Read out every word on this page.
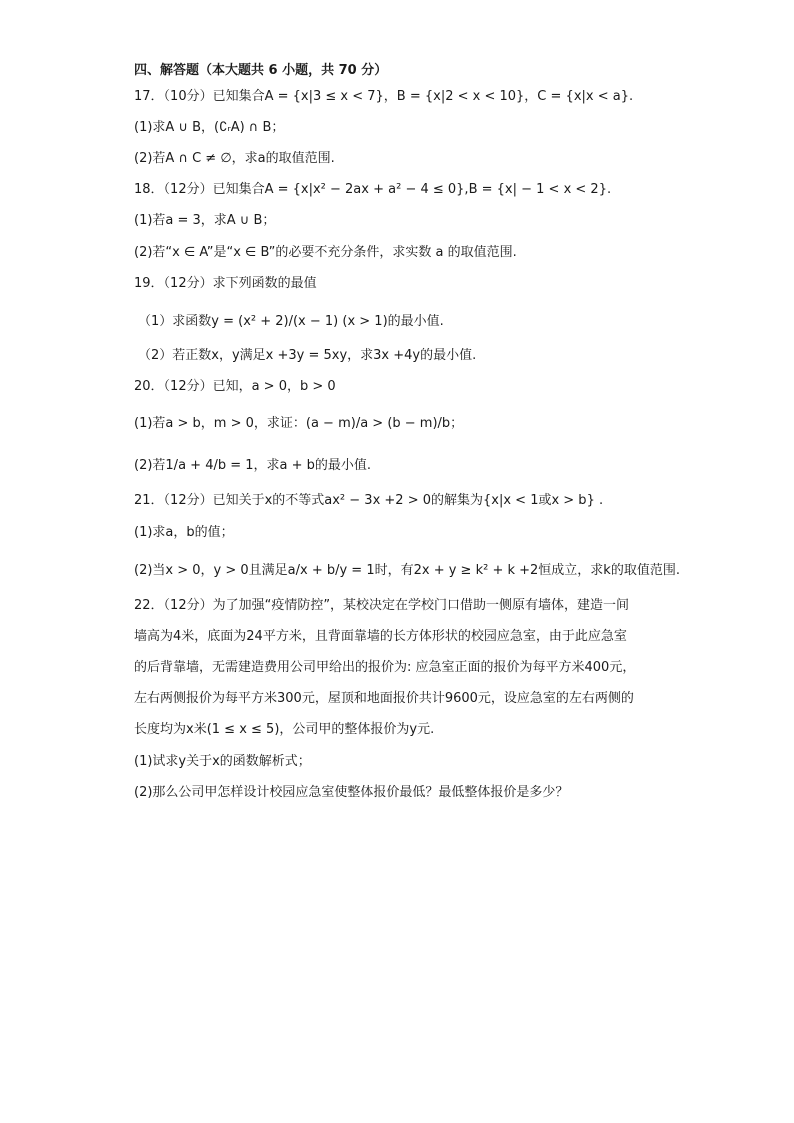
四、解答题（本大题共 6 小题，共 70 分）
17．（10分）已知集合A = {x|3 ≤ x < 7}，B = {x|2 < x < 10}，C = {x|x < a}.
(1)求A ∪ B，(∁ᵣA) ∩ B；
(2)若A ∩ C ≠ ∅，求a的取值范围.
18．（12分）已知集合A = {x|x² − 2ax + a² − 4 ≤ 0},B = {x| − 1 < x < 2}.
(1)若a = 3，求A ∪ B；
(2)若“x ∈ A”是“x ∈ B”的必要不充分条件，求实数 a 的取值范围.
19．（12分）求下列函数的最值
（1）求函数y = (x² + 2)/(x − 1) (x > 1)的最小值.
（2）若正数x，y满足x +3y = 5xy，求3x +4y的最小值.
20．（12分）已知，a > 0，b > 0
(1)若a > b，m > 0，求证：(a − m)/a > (b − m)/b；
(2)若1/a + 4/b = 1，求a + b的最小值.
21．（12分）已知关于x的不等式ax² − 3x +2 > 0的解集为{x|x < 1或x > b} .
(1)求a，b的值；
(2)当x > 0，y > 0且满足a/x + b/y = 1时，有2x + y ≥ k² + k +2恒成立，求k的取值范围.
22．（12分）为了加强“疫情防控”，某校决定在学校门口借助一侧原有墙体，建造一间
墙高为4米，底面为24平方米，且背面靠墙的长方体形状的校园应急室，由于此应急室
的后背靠墙，无需建造费用公司甲给出的报价为: 应急室正面的报价为每平方米400元，
左右两侧报价为每平方米300元，屋顶和地面报价共计9600元，设应急室的左右两侧的
长度均为x米(1 ≤ x ≤ 5)，公司甲的整体报价为y元.
(1)试求y关于x的函数解析式；
(2)那么公司甲怎样设计校园应急室使整体报价最低？最低整体报价是多少？
